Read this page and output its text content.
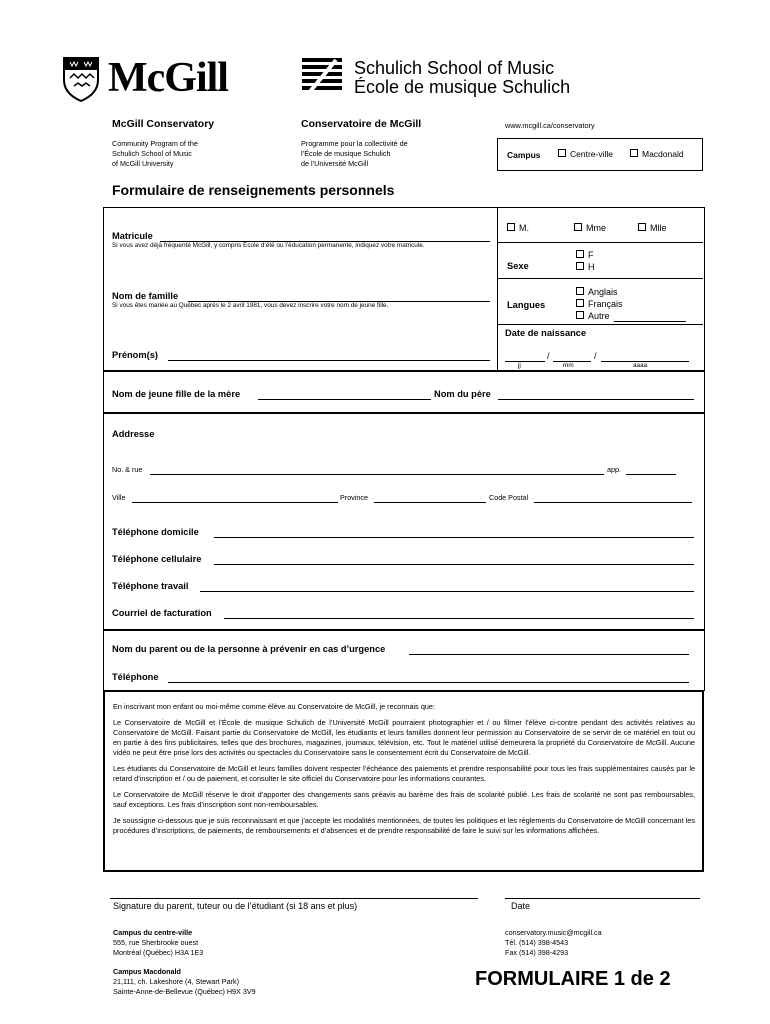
McGill	Schulich School of Music
École de musique Schulich
McGill Conservatory
Community Program of the
Schulich School of Music
of McGill University
Conservatoire de McGill
Programme pour la collectivité de
l’École de musique Schulich
de l’Université McGill
www.mcgill.ca/conservatory
Campus	Centre-ville	Macdonald
Formulaire de renseignements personnels
Matricule
Si vous avez déjà fréquenté McGill, y compris École d’été ou l’éducation permanente, indiquez votre matricule.
Nom de famille
Si vous êtes mariée au Québec après le 2 avril 1981, vous devez inscrire votre nom de jeune fille.
Prénom(s)
M.	Mme	Mlle
Sexe
F
H
Langues
Anglais
Français
Autre
Date de naissance
/	/
jj	mm	aaaa
Nom de jeune fille de la mère	Nom du père
Addresse
No. & rue	app.
Ville	Province	Code Postal
Téléphone domicile
Téléphone cellulaire
Téléphone travail
Courriel de facturation
Nom du parent ou de la personne à prévenir en cas d’urgence
Téléphone

En inscrivant mon enfant ou moi-même comme élève au Conservatoire de McGill, je reconnais que:

Le Conservatoire de McGill et l’École de musique Schulich de l’Université McGill pourraient photographier et / ou filmer l’élève ci-contre pendant des activités relatives au Conservatoire de McGill. Faisant partie du Conservatoire de McGill, les étudiants et leurs familles donnent leur permission au Conservatoire de se servir de ce matériel en tout ou en partie à des fins publicitaires, telles que des brochures, magazines, journaux, télévision, etc. Tout le matériel utilisé demeurera la propriété du Conservatoire de McGill. Aucune vidéo ne peut être prise lors des activités ou spectacles du Conservatoire sans le consentement écrit du Conservatoire de McGill.

Les étudiants du Conservatoire de McGill et leurs familles doivent respecter l’échéance des paiements et prendre responsabilité pour tous les frais supplémentaires causés par le retard d’inscription et / ou de paiement, et consulter le site officiel du Conservatoire pour les informations courantes.

Le Conservatoire de McGill réserve le droit d’apporter des changements sans préavis au barème des frais de scolarité publié. Les frais de scolarité ne sont pas remboursables, sauf exceptions. Les frais d’inscription sont non-remboursables.

Je soussigne ci-dessous que je suis reconnaissant et que j’accepte les modalités mentionnées, de toutes les politiques et les règlements du Conservatoire de McGill concernant les procédures d’inscriptions, de paiements, de remboursements et d’absences et de prendre responsabilité de faire le suivi sur les informations affichées.

Signature du parent, tuteur ou de l’étudiant (si 18 ans et plus)	Date
Campus du centre-ville
555, rue Sherbrooke ouest
Montréal (Québec) H3A 1E3
Campus Macdonald
21,111, ch. Lakeshore (4, Stewart Park)
Sainte-Anne-de-Bellevue (Québec) H9X 3V9
conservatory.music@mcgill.ca
Tél. (514) 398-4543
Fax (514) 398-4293
FORMULAIRE 1 de 2
